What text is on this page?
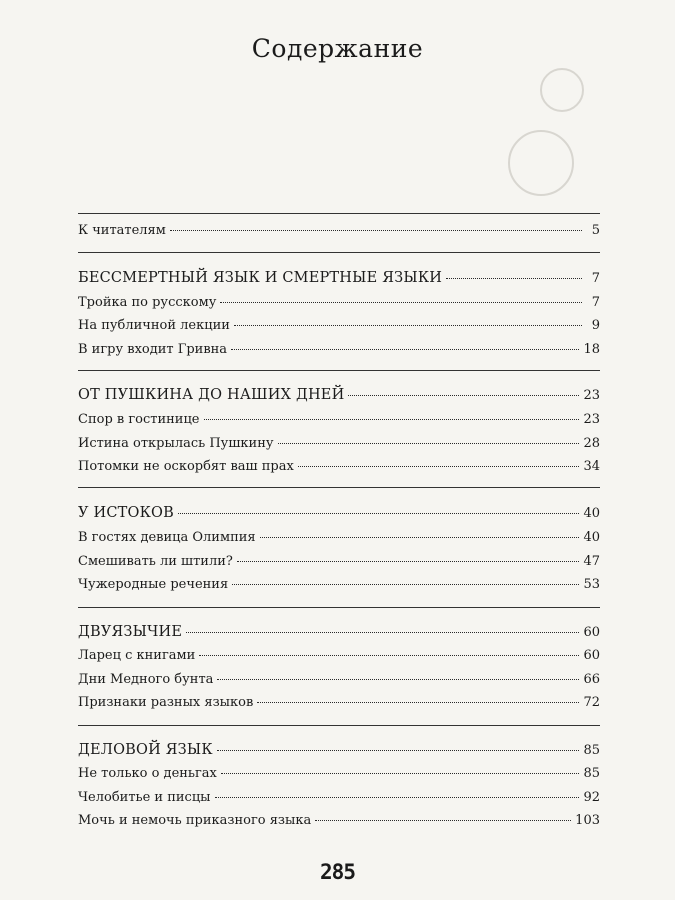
Содержание
К читателям	5
БЕССМЕРТНЫЙ ЯЗЫК И СМЕРТНЫЕ ЯЗЫКИ	7
Тройка по русскому	7
На публичной лекции	9
В игру входит Гривна	18
ОТ ПУШКИНА ДО НАШИХ ДНЕЙ	23
Спор в гостинице	23
Истина открылась Пушкину	28
Потомки не оскорбят ваш прах	34
У ИСТОКОВ	40
В гостях девица Олимпия	40
Смешивать ли штили?	47
Чужеродные речения	53
ДВУЯЗЫЧИЕ	60
Ларец с книгами	60
Дни Медного бунта	66
Признаки разных языков	72
ДЕЛОВОЙ ЯЗЫК	85
Не только о деньгах	85
Челобитье и писцы	92
Мочь и немочь приказного языка	103
285
